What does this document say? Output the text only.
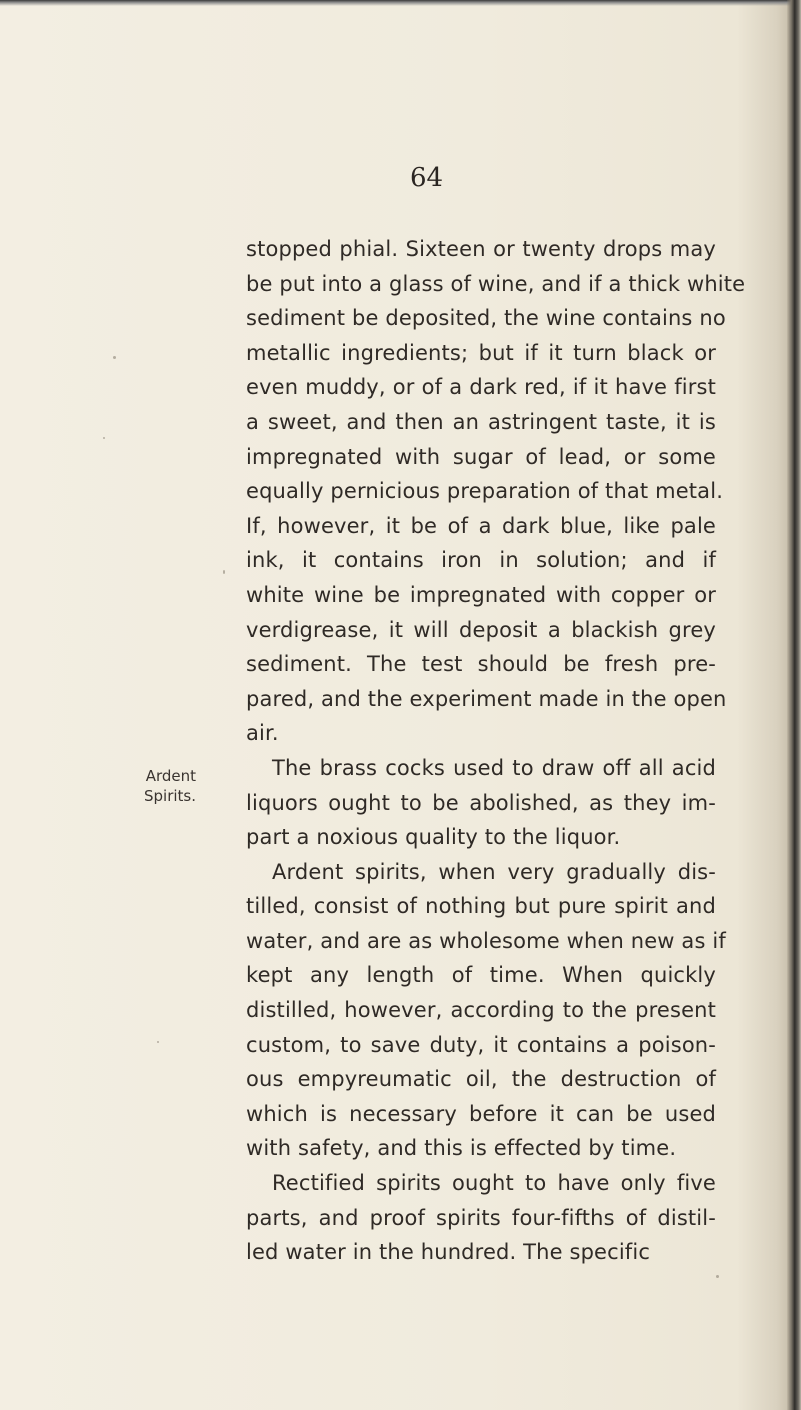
64
Ardent
Spirits.
stopped phial. Sixteen or twenty drops may
be put into a glass of wine, and if a thick white
sediment be deposited, the wine contains no
metallic ingredients; but if it turn black or
even muddy, or of a dark red, if it have first
a sweet, and then an astringent taste, it is
impregnated with sugar of lead, or some
equally pernicious preparation of that metal.
If, however, it be of a dark blue, like pale
ink, it contains iron in solution; and if
white wine be impregnated with copper or
verdigrease, it will deposit a blackish grey
sediment. The test should be fresh pre-
pared, and the experiment made in the open
air.
The brass cocks used to draw off all acid
liquors ought to be abolished, as they im-
part a noxious quality to the liquor.
Ardent spirits, when very gradually dis-
tilled, consist of nothing but pure spirit and
water, and are as wholesome when new as if
kept any length of time. When quickly
distilled, however, according to the present
custom, to save duty, it contains a poison-
ous empyreumatic oil, the destruction of
which is necessary before it can be used
with safety, and this is effected by time.
Rectified spirits ought to have only five
parts, and proof spirits four-fifths of distil-
led water in the hundred. The specific
